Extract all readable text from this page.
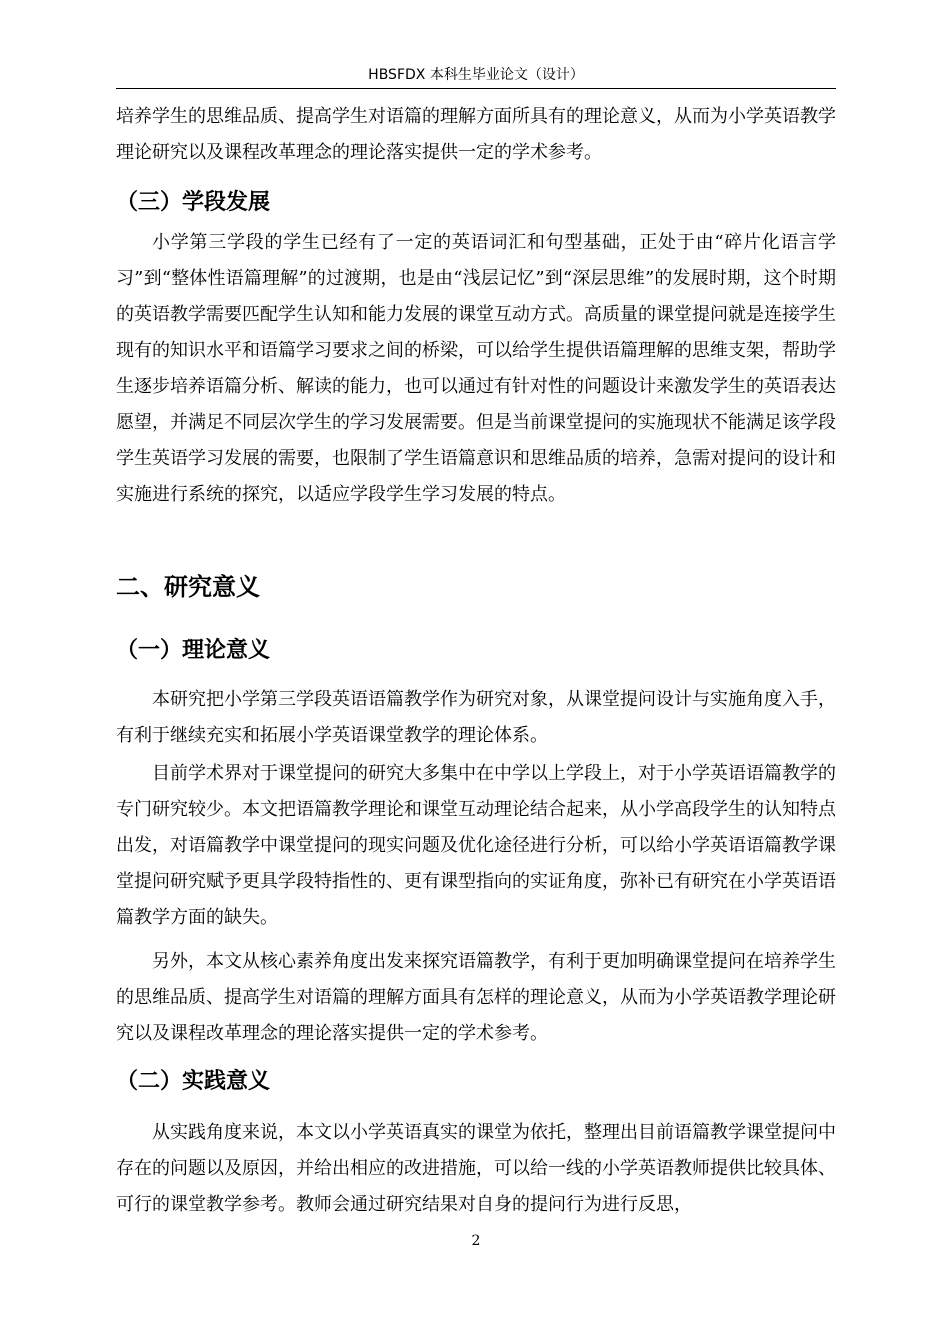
HBSFDX 本科生毕业论文（设计）

培养学生的思维品质、提高学生对语篇的理解方面所具有的理论意义，从而为小学英语教学理论研究以及课程改革理念的理论落实提供一定的学术参考。

（三）学段发展

小学第三学段的学生已经有了一定的英语词汇和句型基础，正处于由“碎片化语言学习”到“整体性语篇理解”的过渡期，也是由“浅层记忆”到“深层思维”的发展时期，这个时期的英语教学需要匹配学生认知和能力发展的课堂互动方式。高质量的课堂提问就是连接学生现有的知识水平和语篇学习要求之间的桥梁，可以给学生提供语篇理解的思维支架，帮助学生逐步培养语篇分析、解读的能力，也可以通过有针对性的问题设计来激发学生的英语表达愿望，并满足不同层次学生的学习发展需要。但是当前课堂提问的实施现状不能满足该学段学生英语学习发展的需要，也限制了学生语篇意识和思维品质的培养，急需对提问的设计和实施进行系统的探究，以适应学段学生学习发展的特点。

二、研究意义
（一）理论意义

本研究把小学第三学段英语语篇教学作为研究对象，从课堂提问设计与实施角度入手，有利于继续充实和拓展小学英语课堂教学的理论体系。

目前学术界对于课堂提问的研究大多集中在中学以上学段上，对于小学英语语篇教学的专门研究较少。本文把语篇教学理论和课堂互动理论结合起来，从小学高段学生的认知特点出发，对语篇教学中课堂提问的现实问题及优化途径进行分析，可以给小学英语语篇教学课堂提问研究赋予更具学段特指性的、更有课型指向的实证角度，弥补已有研究在小学英语语篇教学方面的缺失。

另外，本文从核心素养角度出发来探究语篇教学，有利于更加明确课堂提问在培养学生的思维品质、提高学生对语篇的理解方面具有怎样的理论意义，从而为小学英语教学理论研究以及课程改革理念的理论落实提供一定的学术参考。

（二）实践意义

从实践角度来说，本文以小学英语真实的课堂为依托，整理出目前语篇教学课堂提问中存在的问题以及原因，并给出相应的改进措施，可以给一线的小学英语教师提供比较具体、可行的课堂教学参考。教师会通过研究结果对自身的提问行为进行反思，

2
